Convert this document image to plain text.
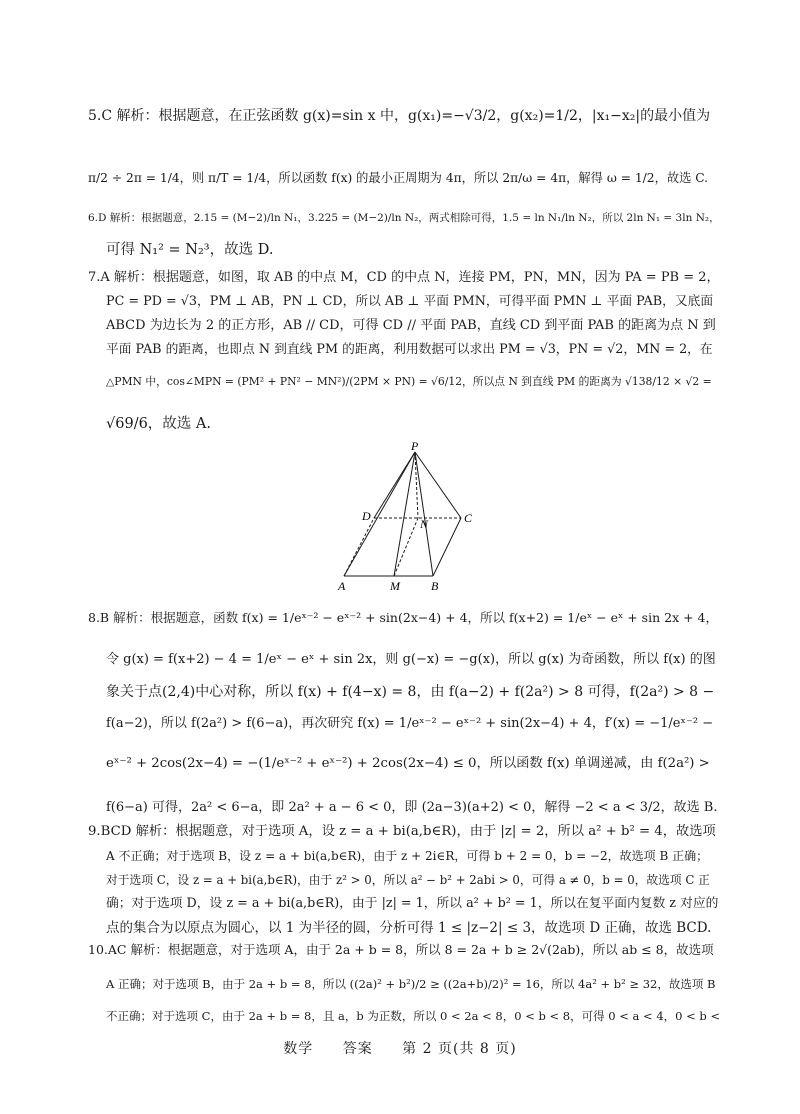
5.C 解析：根据题意，在正弦函数 g(x)=sin x 中，g(x₁)=−√3/2，g(x₂)=1/2，|x₁−x₂|的最小值为
π/2 ÷ 2π = 1/4，则 π/T = 1/4，所以函数 f(x) 的最小正周期为 4π，所以 2π/ω = 4π，解得 ω = 1/2，故选 C.
6.D 解析：根据题意，2.15 = (M−2)/ln N₁，3.225 = (M−2)/ln N₂，两式相除可得，1.5 = ln N₁/ln N₂，所以 2ln N₁ = 3ln N₂，
可得 N₁² = N₂³，故选 D.
7.A 解析：根据题意，如图，取 AB 的中点 M，CD 的中点 N，连接 PM，PN，MN，因为 PA = PB = 2，
PC = PD = √3，PM ⊥ AB，PN ⊥ CD，所以 AB ⊥ 平面 PMN，可得平面 PMN ⊥ 平面 PAB，又底面
ABCD 为边长为 2 的正方形，AB // CD，可得 CD // 平面 PAB，直线 CD 到平面 PAB 的距离为点 N 到
平面 PAB 的距离，也即点 N 到直线 PM 的距离，利用数据可以求出 PM = √3，PN = √2，MN = 2，在
△PMN 中，cos∠MPN = (PM² + PN² − MN²)/(2PM × PN) = √6/12，所以点 N 到直线 PM 的距离为 √138/12 × √2 =
√69/6，故选 A.
P
D
N	C
A	M	B
8.B 解析：根据题意，函数 f(x) = 1/eˣ⁻² − eˣ⁻² + sin(2x−4) + 4，所以 f(x+2) = 1/eˣ − eˣ + sin 2x + 4，
令 g(x) = f(x+2) − 4 = 1/eˣ − eˣ + sin 2x，则 g(−x) = −g(x)，所以 g(x) 为奇函数，所以 f(x) 的图
象关于点(2,4)中心对称，所以 f(x) + f(4−x) = 8，由 f(a−2) + f(2a²) > 8 可得，f(2a²) > 8 −
f(a−2)，所以 f(2a²) > f(6−a)，再次研究 f(x) = 1/eˣ⁻² − eˣ⁻² + sin(2x−4) + 4，f′(x) = −1/eˣ⁻² −
eˣ⁻² + 2cos(2x−4) = −(1/eˣ⁻² + eˣ⁻²) + 2cos(2x−4) ≤ 0，所以函数 f(x) 单调递减，由 f(2a²) >
f(6−a) 可得，2a² < 6−a，即 2a² + a − 6 < 0，即 (2a−3)(a+2) < 0，解得 −2 < a < 3/2，故选 B.
9.BCD 解析：根据题意，对于选项 A，设 z = a + bi(a,b∈R)，由于 |z| = 2，所以 a² + b² = 4，故选项
A 不正确；对于选项 B，设 z = a + bi(a,b∈R)，由于 z + 2i∈R，可得 b + 2 = 0，b = −2，故选项 B 正确；
对于选项 C，设 z = a + bi(a,b∈R)，由于 z² > 0，所以 a² − b² + 2abi > 0，可得 a ≠ 0，b = 0，故选项 C 正
确；对于选项 D，设 z = a + bi(a,b∈R)，由于 |z| = 1，所以 a² + b² = 1，所以在复平面内复数 z 对应的
点的集合为以原点为圆心，以 1 为半径的圆，分析可得 1 ≤ |z−2| ≤ 3，故选项 D 正确，故选 BCD.
10.AC 解析：根据题意，对于选项 A，由于 2a + b = 8，所以 8 = 2a + b ≥ 2√(2ab)，所以 ab ≤ 8，故选项
A 正确；对于选项 B，由于 2a + b = 8，所以 ((2a)² + b²)/2 ≥ ((2a+b)/2)² = 16，所以 4a² + b² ≥ 32，故选项 B
不正确；对于选项 C，由于 2a + b = 8，且 a，b 为正数，所以 0 < 2a < 8，0 < b < 8，可得 0 < a < 4，0 < b <
数学 答案 第 2 页(共 8 页)
